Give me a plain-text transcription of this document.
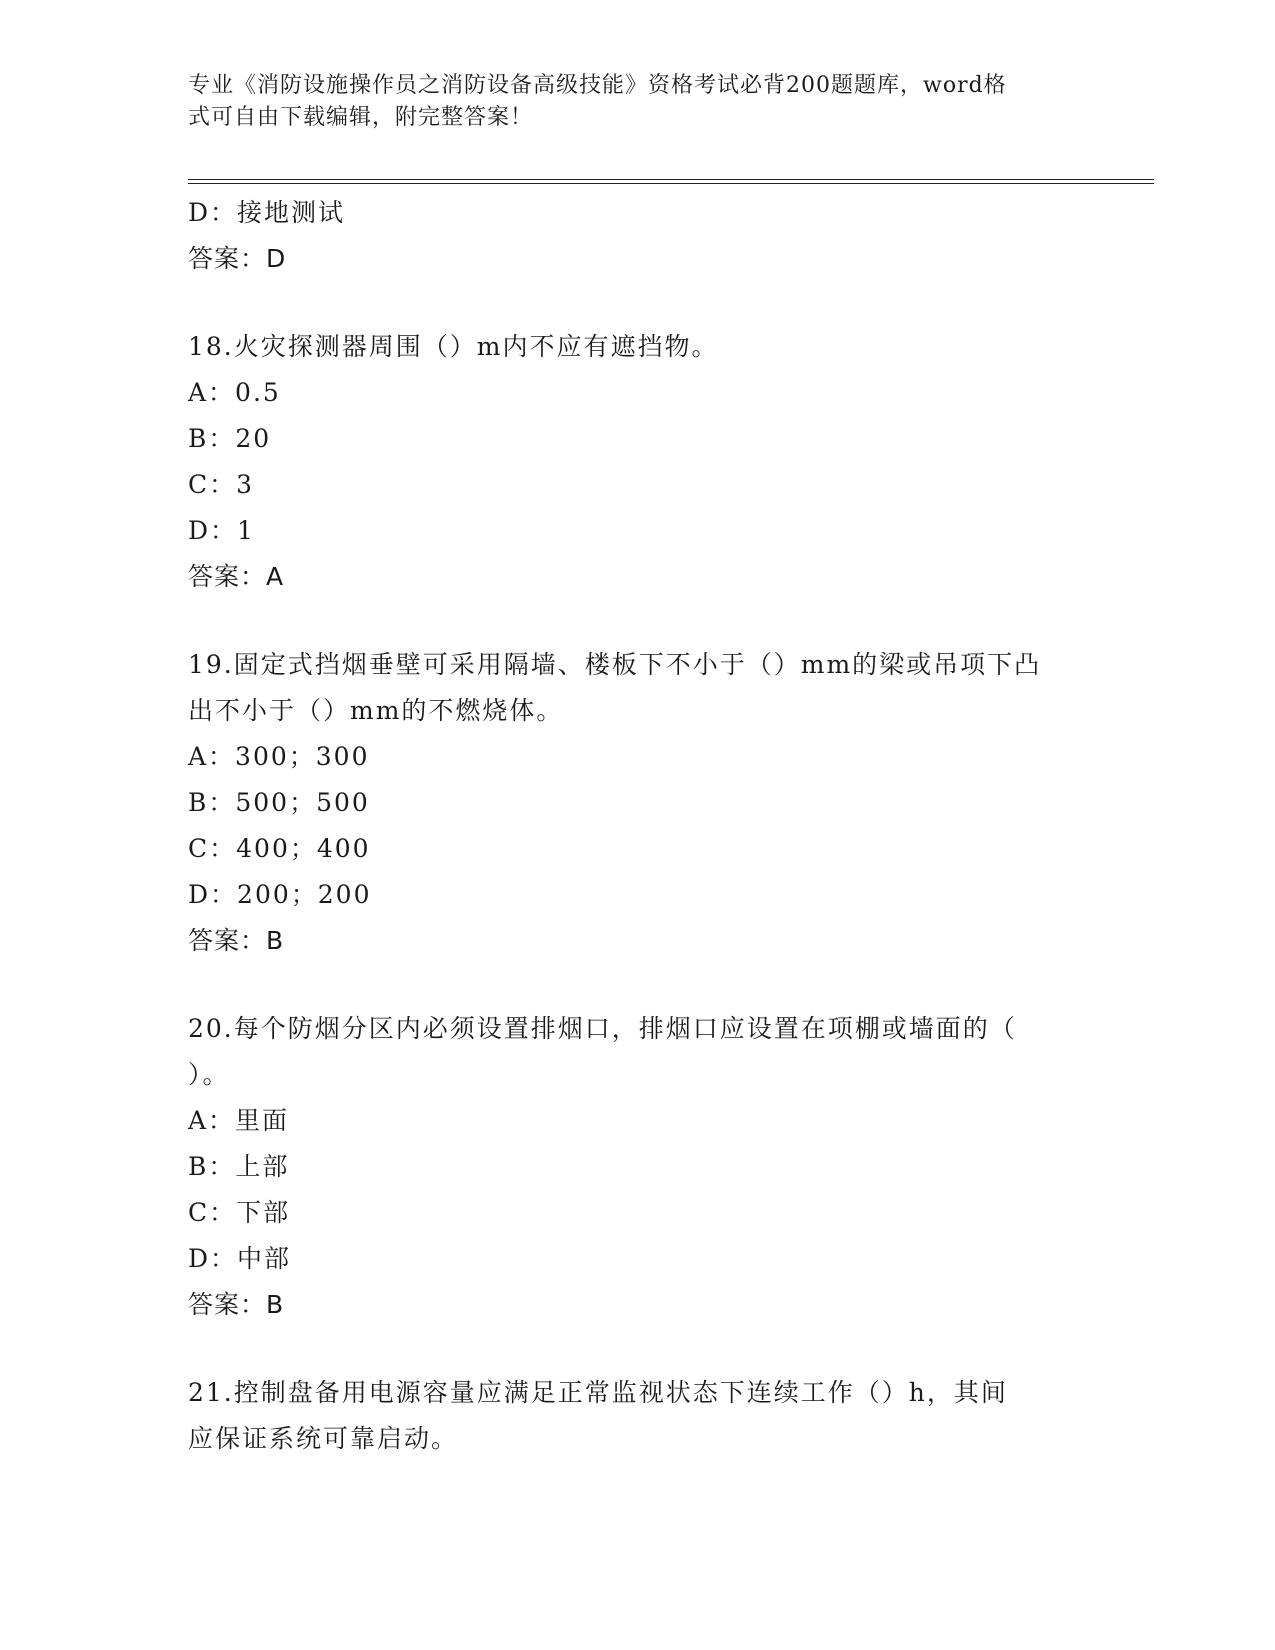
专业《消防设施操作员之消防设备高级技能》资格考试必背200题题库，word格
式可自由下载编辑，附完整答案！
D：接地测试
答案：D
18.火灾探测器周围（）m内不应有遮挡物。
A：0.5
B：20
C：3
D：1
答案：A
19.固定式挡烟垂壁可采用隔墙、楼板下不小于（）mm的梁或吊项下凸
出不小于（）mm的不燃烧体。
A：300；300
B：500；500
C：400；400
D：200；200
答案：B
20.每个防烟分区内必须设置排烟口，排烟口应设置在项棚或墙面的（
）。
A：里面
B：上部
C：下部
D：中部
答案：B
21.控制盘备用电源容量应满足正常监视状态下连续工作（）h，其间
应保证系统可靠启动。
